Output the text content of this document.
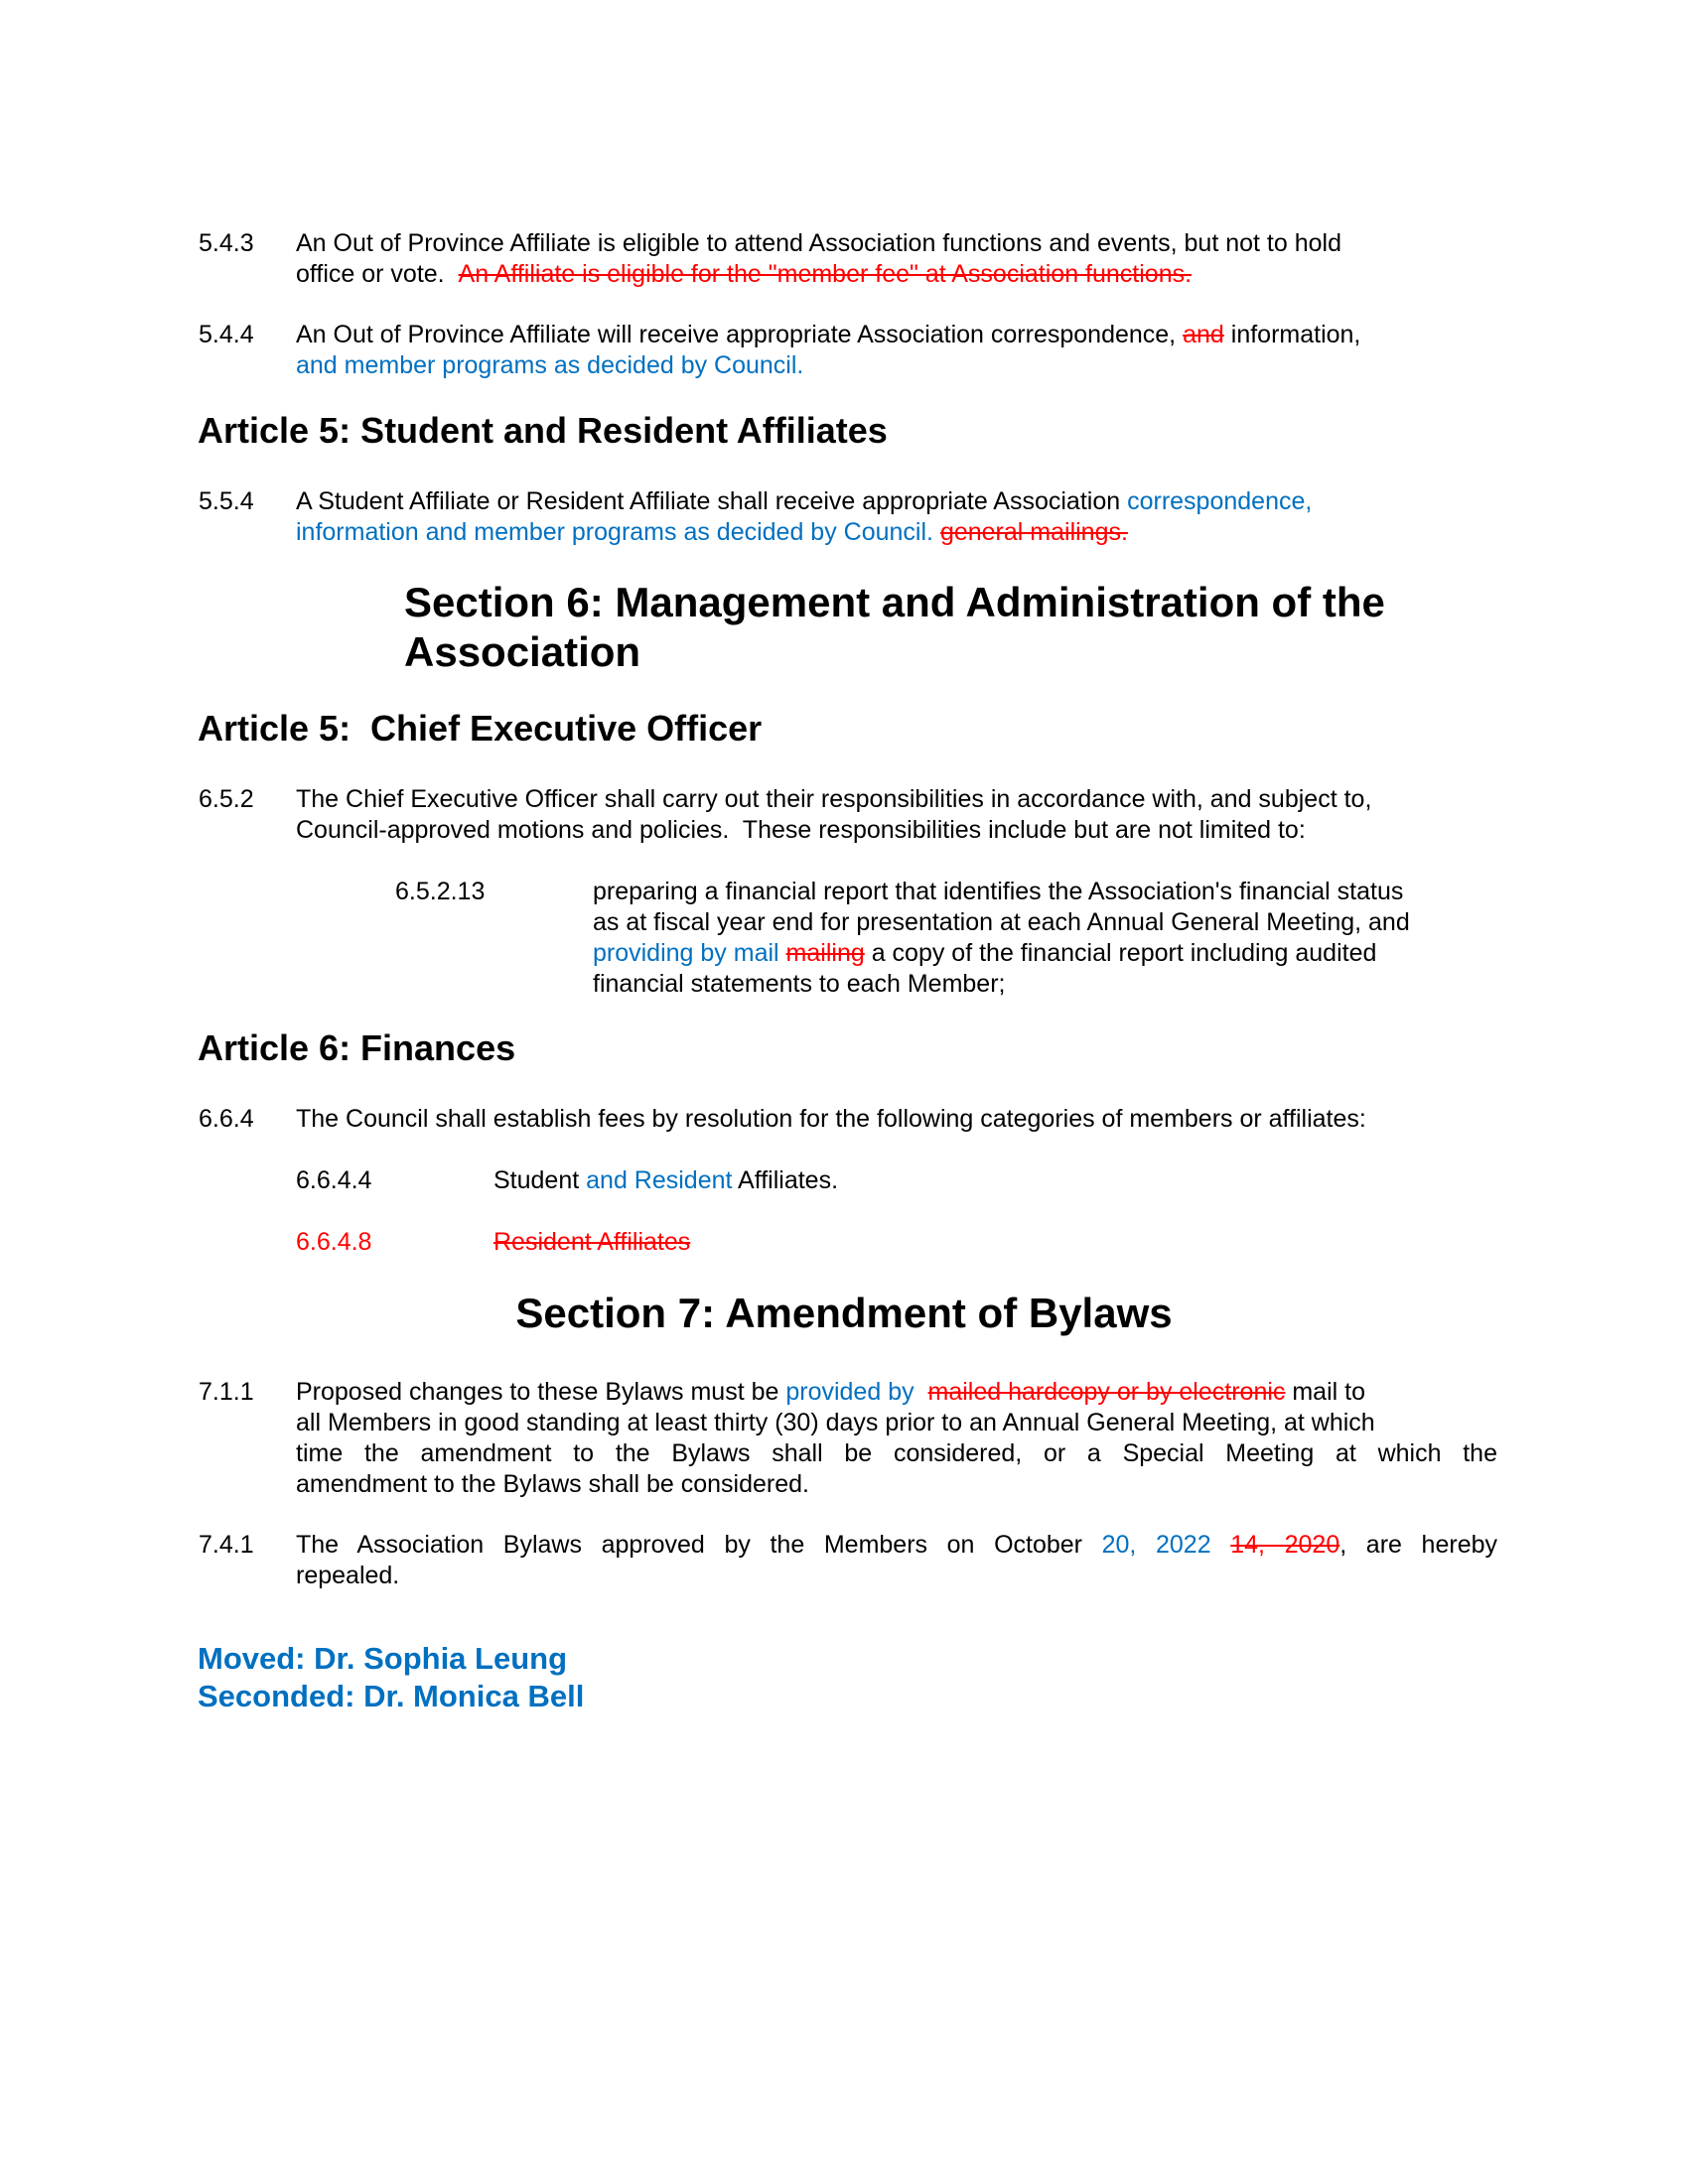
5.4.3 An Out of Province Affiliate is eligible to attend Association functions and events, but not to hold
office or vote. An Affiliate is eligible for the "member fee" at Association functions.
5.4.4 An Out of Province Affiliate will receive appropriate Association correspondence, and information,
and member programs as decided by Council.
Article 5: Student and Resident Affiliates
5.5.4 A Student Affiliate or Resident Affiliate shall receive appropriate Association correspondence,
information and member programs as decided by Council. general mailings.
Section 6: Management and Administration of the
Association
Article 5:  Chief Executive Officer
6.5.2 The Chief Executive Officer shall carry out their responsibilities in accordance with, and subject to,
Council-approved motions and policies.  These responsibilities include but are not limited to:
6.5.2.13	preparing a financial report that identifies the Association's financial status
as at fiscal year end for presentation at each Annual General Meeting, and
providing by mail mailing a copy of the financial report including audited
financial statements to each Member;
Article 6: Finances
6.6.4 The Council shall establish fees by resolution for the following categories of members or affiliates:
6.6.4.4	Student and Resident Affiliates.
6.6.4.8	Resident Affiliates
Section 7: Amendment of Bylaws
7.1.1 Proposed changes to these Bylaws must be provided by mailed hardcopy or by electronic mail to
all Members in good standing at least thirty (30) days prior to an Annual General Meeting, at which
time the amendment to the Bylaws shall be considered, or a Special Meeting at which the
amendment to the Bylaws shall be considered.
7.4.1 The Association Bylaws approved by the Members on October 20, 2022 14, 2020, are hereby
repealed.
Moved: Dr. Sophia Leung
Seconded: Dr. Monica Bell
